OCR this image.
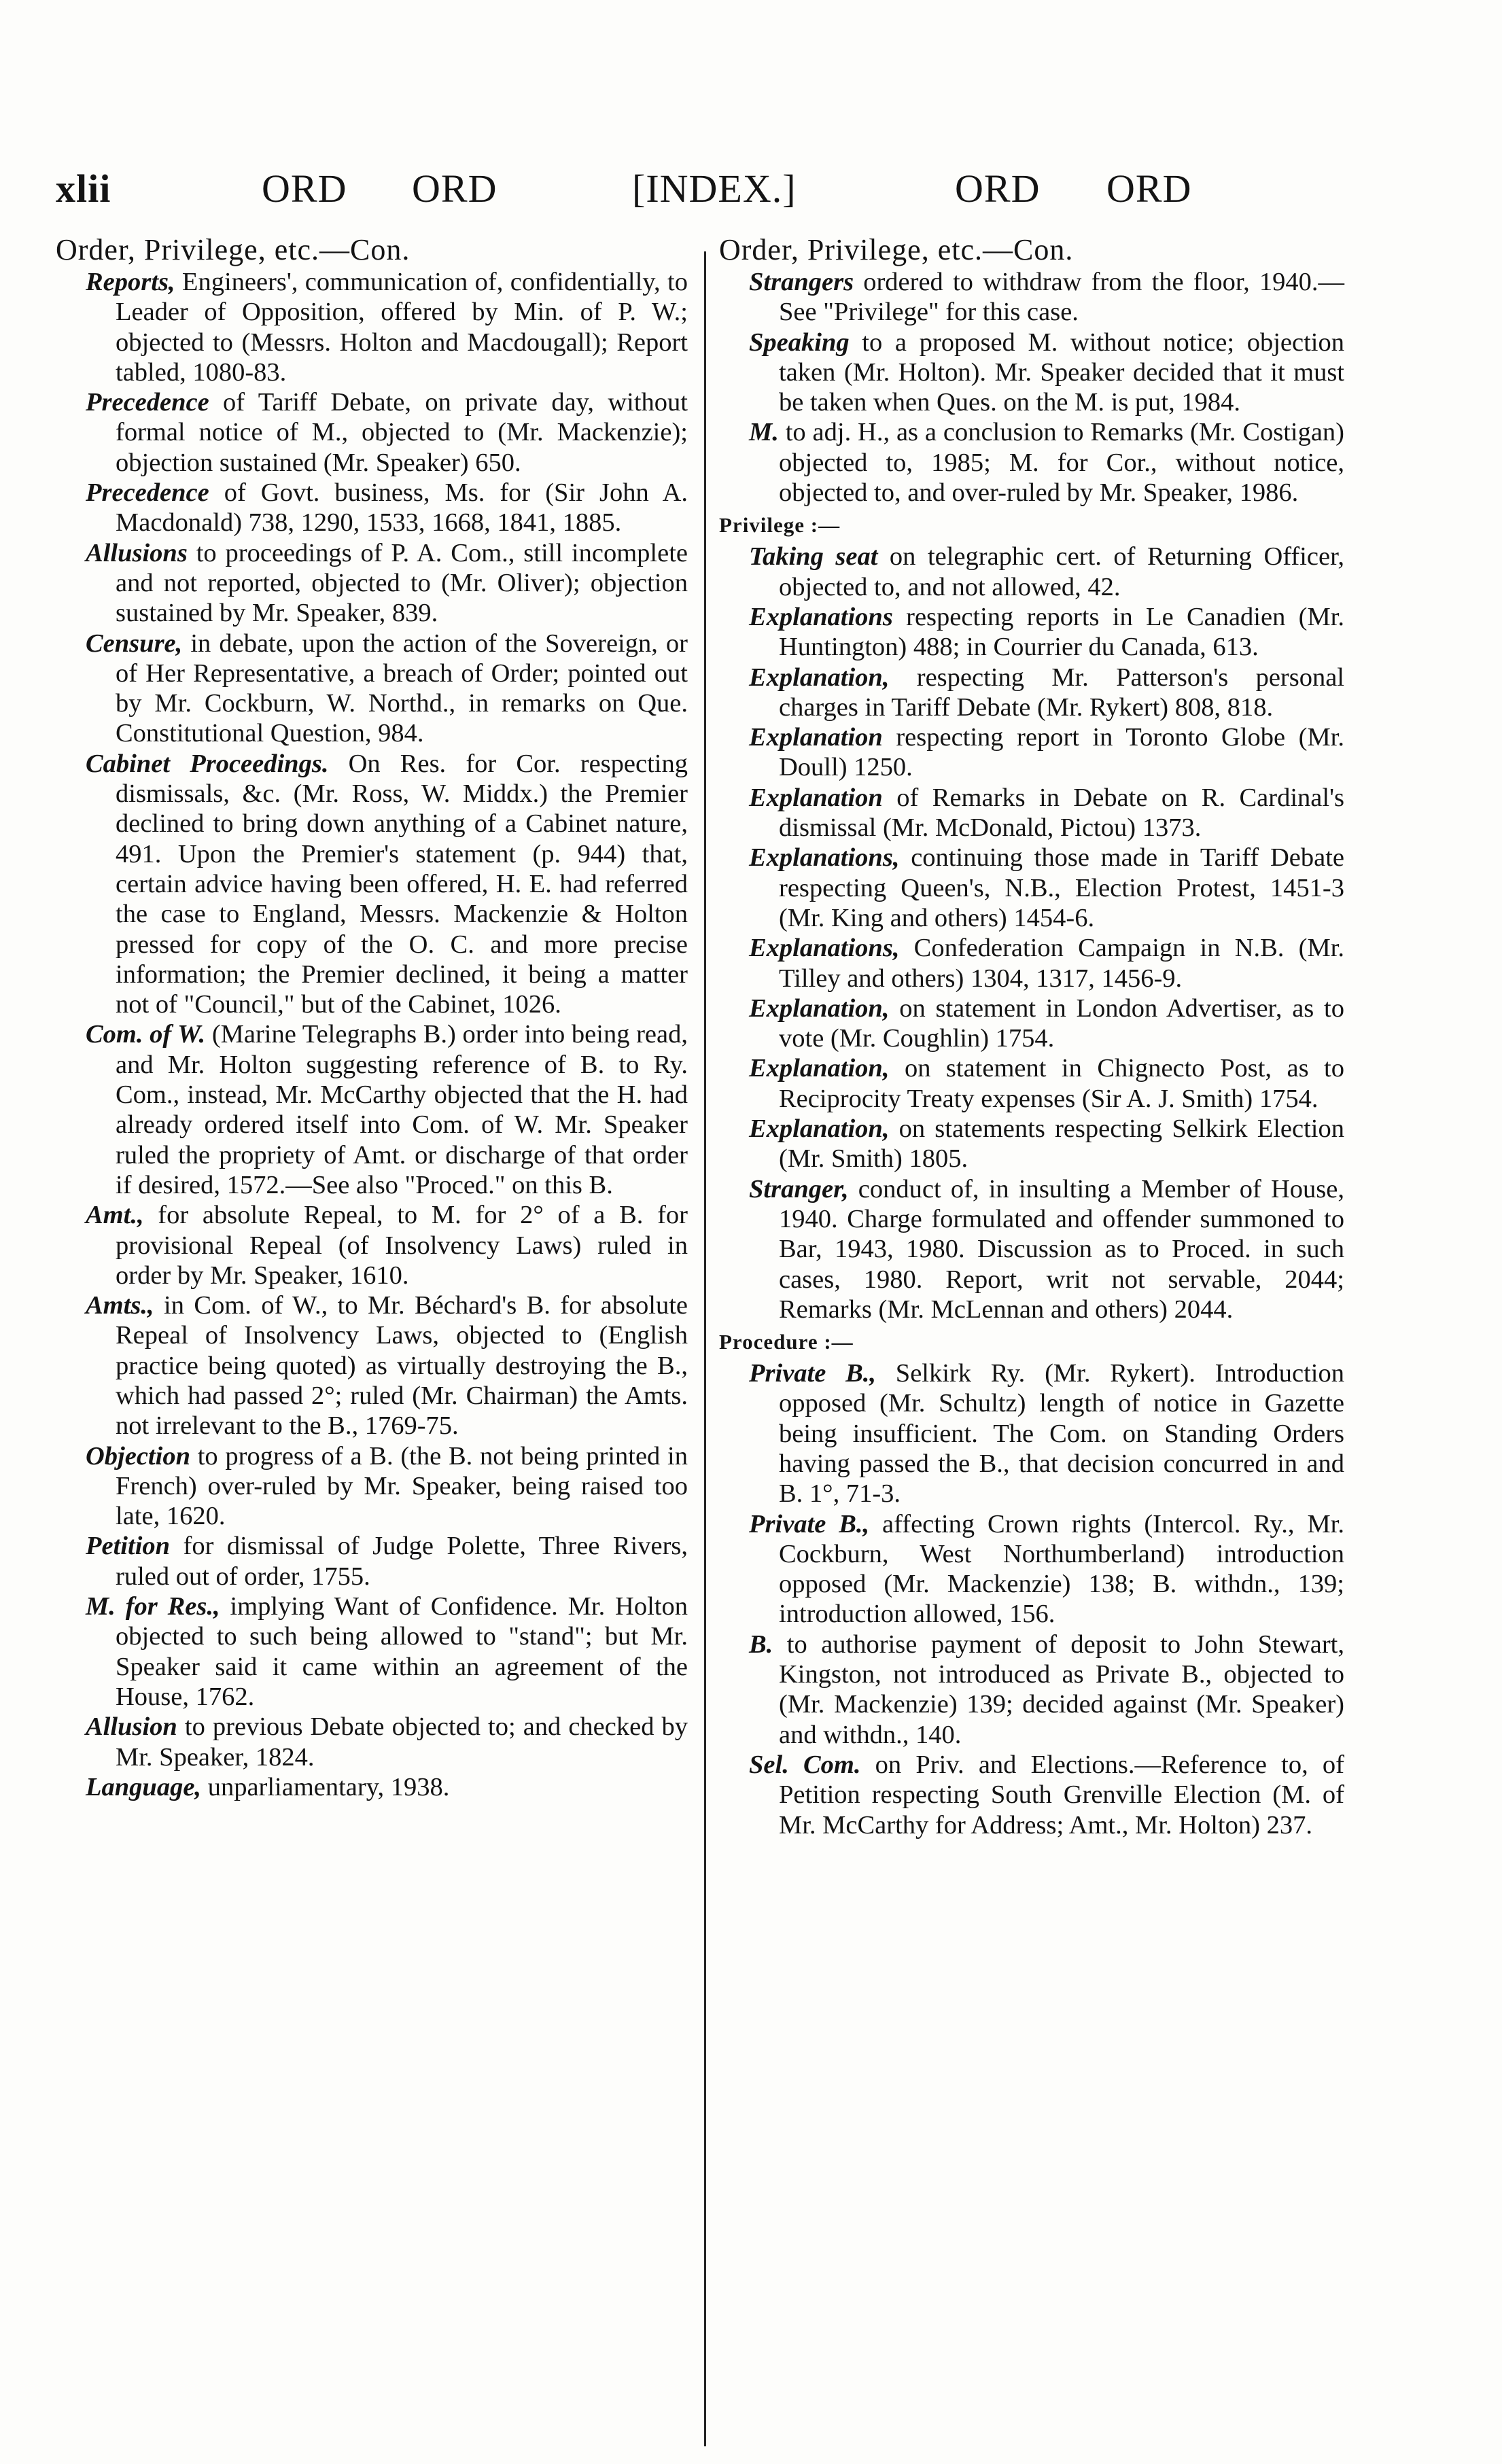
xlii	ORD ORD	[INDEX.]	ORD ORD

Order, Privilege, etc.—Con.

Reports, Engineers', communication of, confidentially, to Leader of Opposition, offered by Min. of P. W.; objected to (Messrs. Holton and Macdougall); Report tabled, 1080-83.

Precedence of Tariff Debate, on private day, without formal notice of M., objected to (Mr. Mackenzie); objection sustained (Mr. Speaker) 650.

Precedence of Govt. business, Ms. for (Sir John A. Macdonald) 738, 1290, 1533, 1668, 1841, 1885.

Allusions to proceedings of P. A. Com., still incomplete and not reported, objected to (Mr. Oliver); objection sustained by Mr. Speaker, 839.

Censure, in debate, upon the action of the Sovereign, or of Her Representative, a breach of Order; pointed out by Mr. Cockburn, W. Northd., in remarks on Que. Constitutional Question, 984.

Cabinet Proceedings. On Res. for Cor. respecting dismissals, &c. (Mr. Ross, W. Middx.) the Premier declined to bring down anything of a Cabinet nature, 491. Upon the Premier's statement (p. 944) that, certain advice having been offered, H. E. had referred the case to England, Messrs. Mackenzie & Holton pressed for copy of the O. C. and more precise information; the Premier declined, it being a matter not of "Council," but of the Cabinet, 1026.

Com. of W. (Marine Telegraphs B.) order into being read, and Mr. Holton suggesting reference of B. to Ry. Com., instead, Mr. McCarthy objected that the H. had already ordered itself into Com. of W. Mr. Speaker ruled the propriety of Amt. or discharge of that order if desired, 1572.—See also "Proced." on this B.

Amt., for absolute Repeal, to M. for 2° of a B. for provisional Repeal (of Insolvency Laws) ruled in order by Mr. Speaker, 1610.

Amts., in Com. of W., to Mr. Béchard's B. for absolute Repeal of Insolvency Laws, objected to (English practice being quoted) as virtually destroying the B., which had passed 2°; ruled (Mr. Chairman) the Amts. not irrelevant to the B., 1769-75.

Objection to progress of a B. (the B. not being printed in French) over-ruled by Mr. Speaker, being raised too late, 1620.

Petition for dismissal of Judge Polette, Three Rivers, ruled out of order, 1755.

M. for Res., implying Want of Confidence. Mr. Holton objected to such being allowed to "stand"; but Mr. Speaker said it came within an agreement of the House, 1762.

Allusion to previous Debate objected to; and checked by Mr. Speaker, 1824.

Language, unparliamentary, 1938.

Order, Privilege, etc.—Con.

Strangers ordered to withdraw from the floor, 1940.—See "Privilege" for this case.

Speaking to a proposed M. without notice; objection taken (Mr. Holton). Mr. Speaker decided that it must be taken when Ques. on the M. is put, 1984.

M. to adj. H., as a conclusion to Remarks (Mr. Costigan) objected to, 1985; M. for Cor., without notice, objected to, and over-ruled by Mr. Speaker, 1986.

Privilege :—

Taking seat on telegraphic cert. of Returning Officer, objected to, and not allowed, 42.

Explanations respecting reports in Le Canadien (Mr. Huntington) 488; in Courrier du Canada, 613.

Explanation, respecting Mr. Patterson's personal charges in Tariff Debate (Mr. Rykert) 808, 818.

Explanation respecting report in Toronto Globe (Mr. Doull) 1250.

Explanation of Remarks in Debate on R. Cardinal's dismissal (Mr. McDonald, Pictou) 1373.

Explanations, continuing those made in Tariff Debate respecting Queen's, N.B., Election Protest, 1451-3 (Mr. King and others) 1454-6.

Explanations, Confederation Campaign in N.B. (Mr. Tilley and others) 1304, 1317, 1456-9.

Explanation, on statement in London Advertiser, as to vote (Mr. Coughlin) 1754.

Explanation, on statement in Chignecto Post, as to Reciprocity Treaty expenses (Sir A. J. Smith) 1754.

Explanation, on statements respecting Selkirk Election (Mr. Smith) 1805.

Stranger, conduct of, in insulting a Member of House, 1940. Charge formulated and offender summoned to Bar, 1943, 1980. Discussion as to Proced. in such cases, 1980. Report, writ not servable, 2044; Remarks (Mr. McLennan and others) 2044.

Procedure :—

Private B., Selkirk Ry. (Mr. Rykert). Introduction opposed (Mr. Schultz) length of notice in Gazette being insufficient. The Com. on Standing Orders having passed the B., that decision concurred in and B. 1°, 71-3.

Private B., affecting Crown rights (Intercol. Ry., Mr. Cockburn, West Northumberland) introduction opposed (Mr. Mackenzie) 138; B. withdn., 139; introduction allowed, 156.

B. to authorise payment of deposit to John Stewart, Kingston, not introduced as Private B., objected to (Mr. Mackenzie) 139; decided against (Mr. Speaker) and withdn., 140.

Sel. Com. on Priv. and Elections.—Reference to, of Petition respecting South Grenville Election (M. of Mr. McCarthy for Address; Amt., Mr. Holton) 237.
